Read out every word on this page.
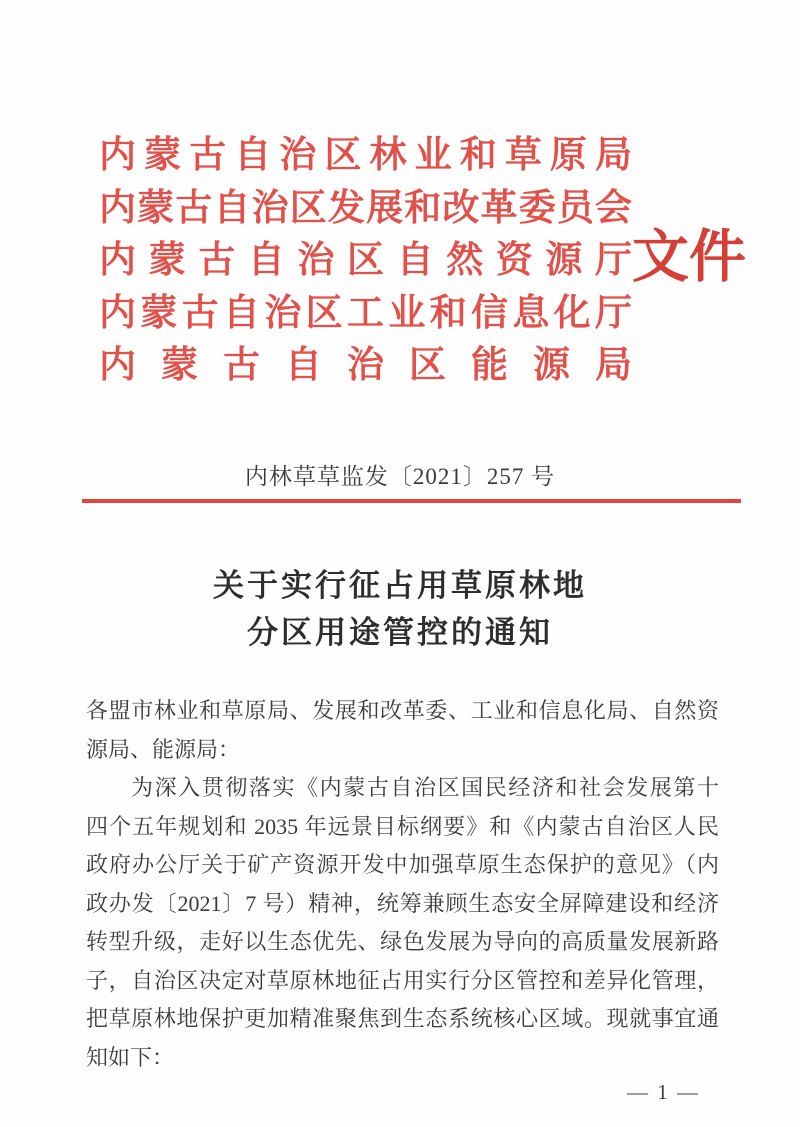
内蒙古自治区林业和草原局
内蒙古自治区发展和改革委员会
内蒙古自治区自然资源厅
内蒙古自治区工业和信息化厅
内蒙古自治区能源局
文件
内林草草监发〔2021〕257 号
关于实行征占用草原林地
分区用途管控的通知
各盟市林业和草原局、发展和改革委、工业和信息化局、自然资
源局、能源局：
为深入贯彻落实《内蒙古自治区国民经济和社会发展第十
四个五年规划和 2035 年远景目标纲要》和《内蒙古自治区人民
政府办公厅关于矿产资源开发中加强草原生态保护的意见》（内
政办发〔2021〕7 号）精神，统筹兼顾生态安全屏障建设和经济
转型升级，走好以生态优先、绿色发展为导向的高质量发展新路
子，自治区决定对草原林地征占用实行分区管控和差异化管理，
把草原林地保护更加精准聚焦到生态系统核心区域。现就事宜通
知如下：
— 1 —
